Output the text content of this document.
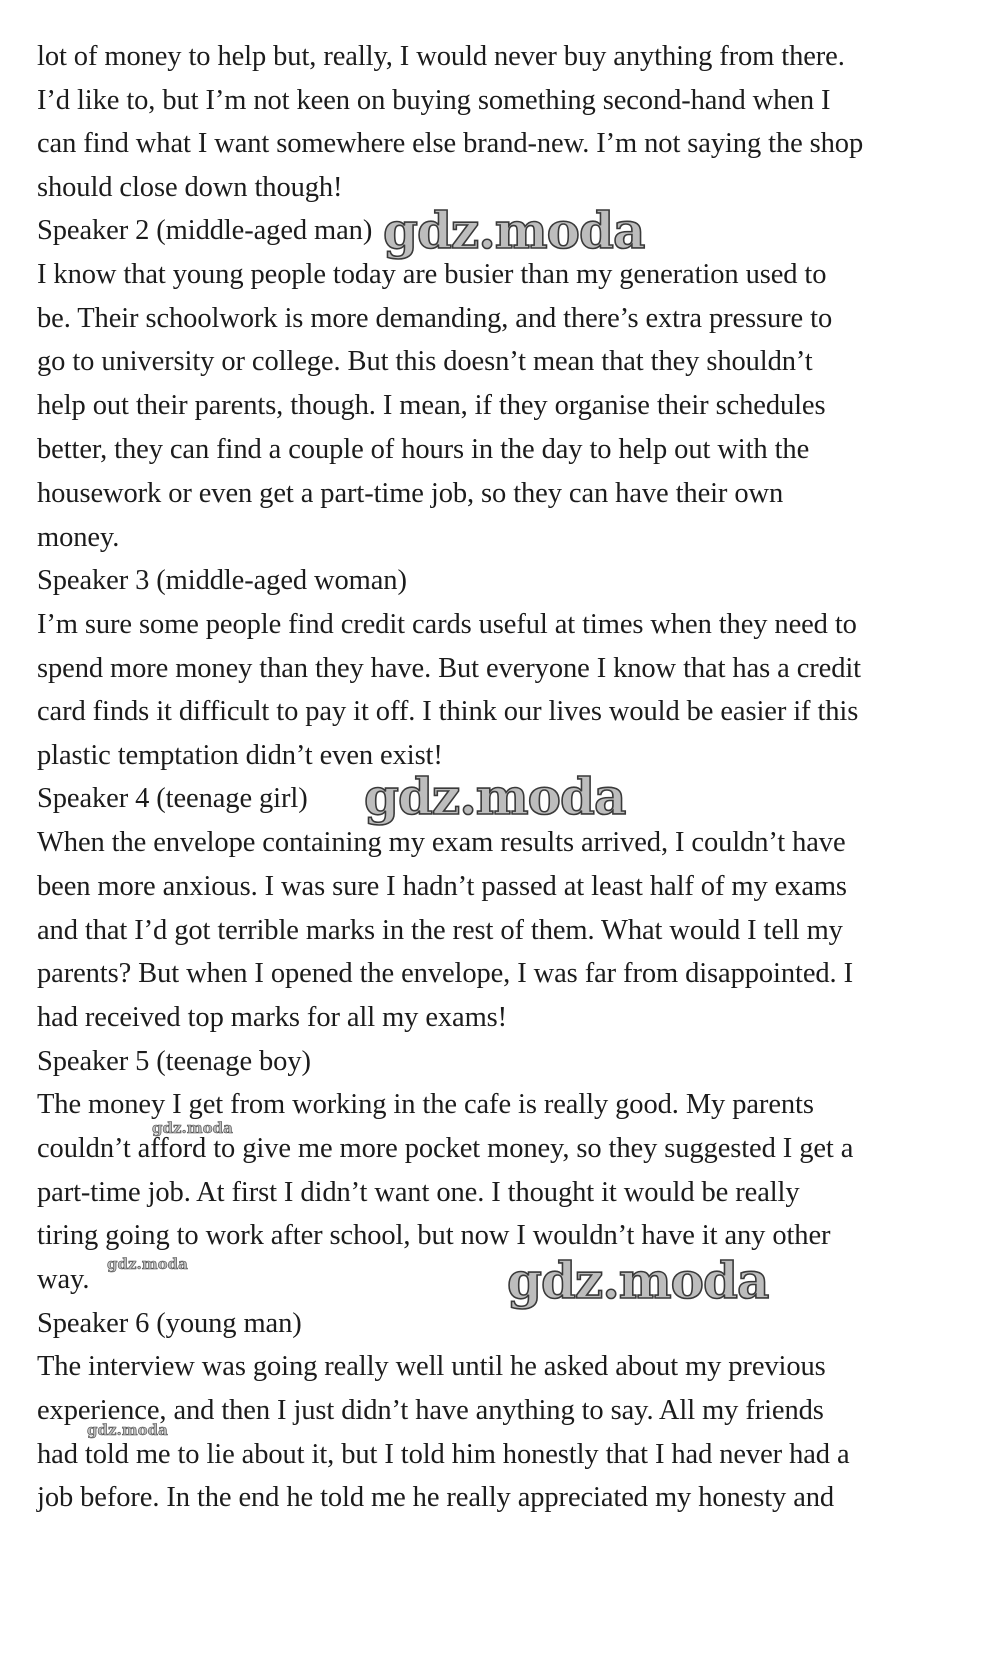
lot of money to help but, really, I would never buy anything from there.
I’d like to, but I’m not keen on buying something second-hand when I
can find what I want somewhere else brand-new. I’m not saying the shop
should close down though!
Speaker 2 (middle-aged man)
I know that young people today are busier than my generation used to
be. Their schoolwork is more demanding, and there’s extra pressure to
go to university or college. But this doesn’t mean that they shouldn’t
help out their parents, though. I mean, if they organise their schedules
better, they can find a couple of hours in the day to help out with the
housework or even get a part-time job, so they can have their own
money.
Speaker 3 (middle-aged woman)
I’m sure some people find credit cards useful at times when they need to
spend more money than they have. But everyone I know that has a credit
card finds it difficult to pay it off. I think our lives would be easier if this
plastic temptation didn’t even exist!
Speaker 4 (teenage girl)
When the envelope containing my exam results arrived, I couldn’t have
been more anxious. I was sure I hadn’t passed at least half of my exams
and that I’d got terrible marks in the rest of them. What would I tell my
parents? But when I opened the envelope, I was far from disappointed. I
had received top marks for all my exams!
Speaker 5 (teenage boy)
The money I get from working in the cafe is really good. My parents
couldn’t afford to give me more pocket money, so they suggested I get a
part-time job. At first I didn’t want one. I thought it would be really
tiring going to work after school, but now I wouldn’t have it any other
way.
Speaker 6 (young man)
The interview was going really well until he asked about my previous
experience, and then I just didn’t have anything to say. All my friends
had told me to lie about it, but I told him honestly that I had never had a
job before. In the end he told me he really appreciated my honesty and
gdz.moda
gdz.moda
gdz.moda
gdz.moda	gdz.moda
gdz.moda
